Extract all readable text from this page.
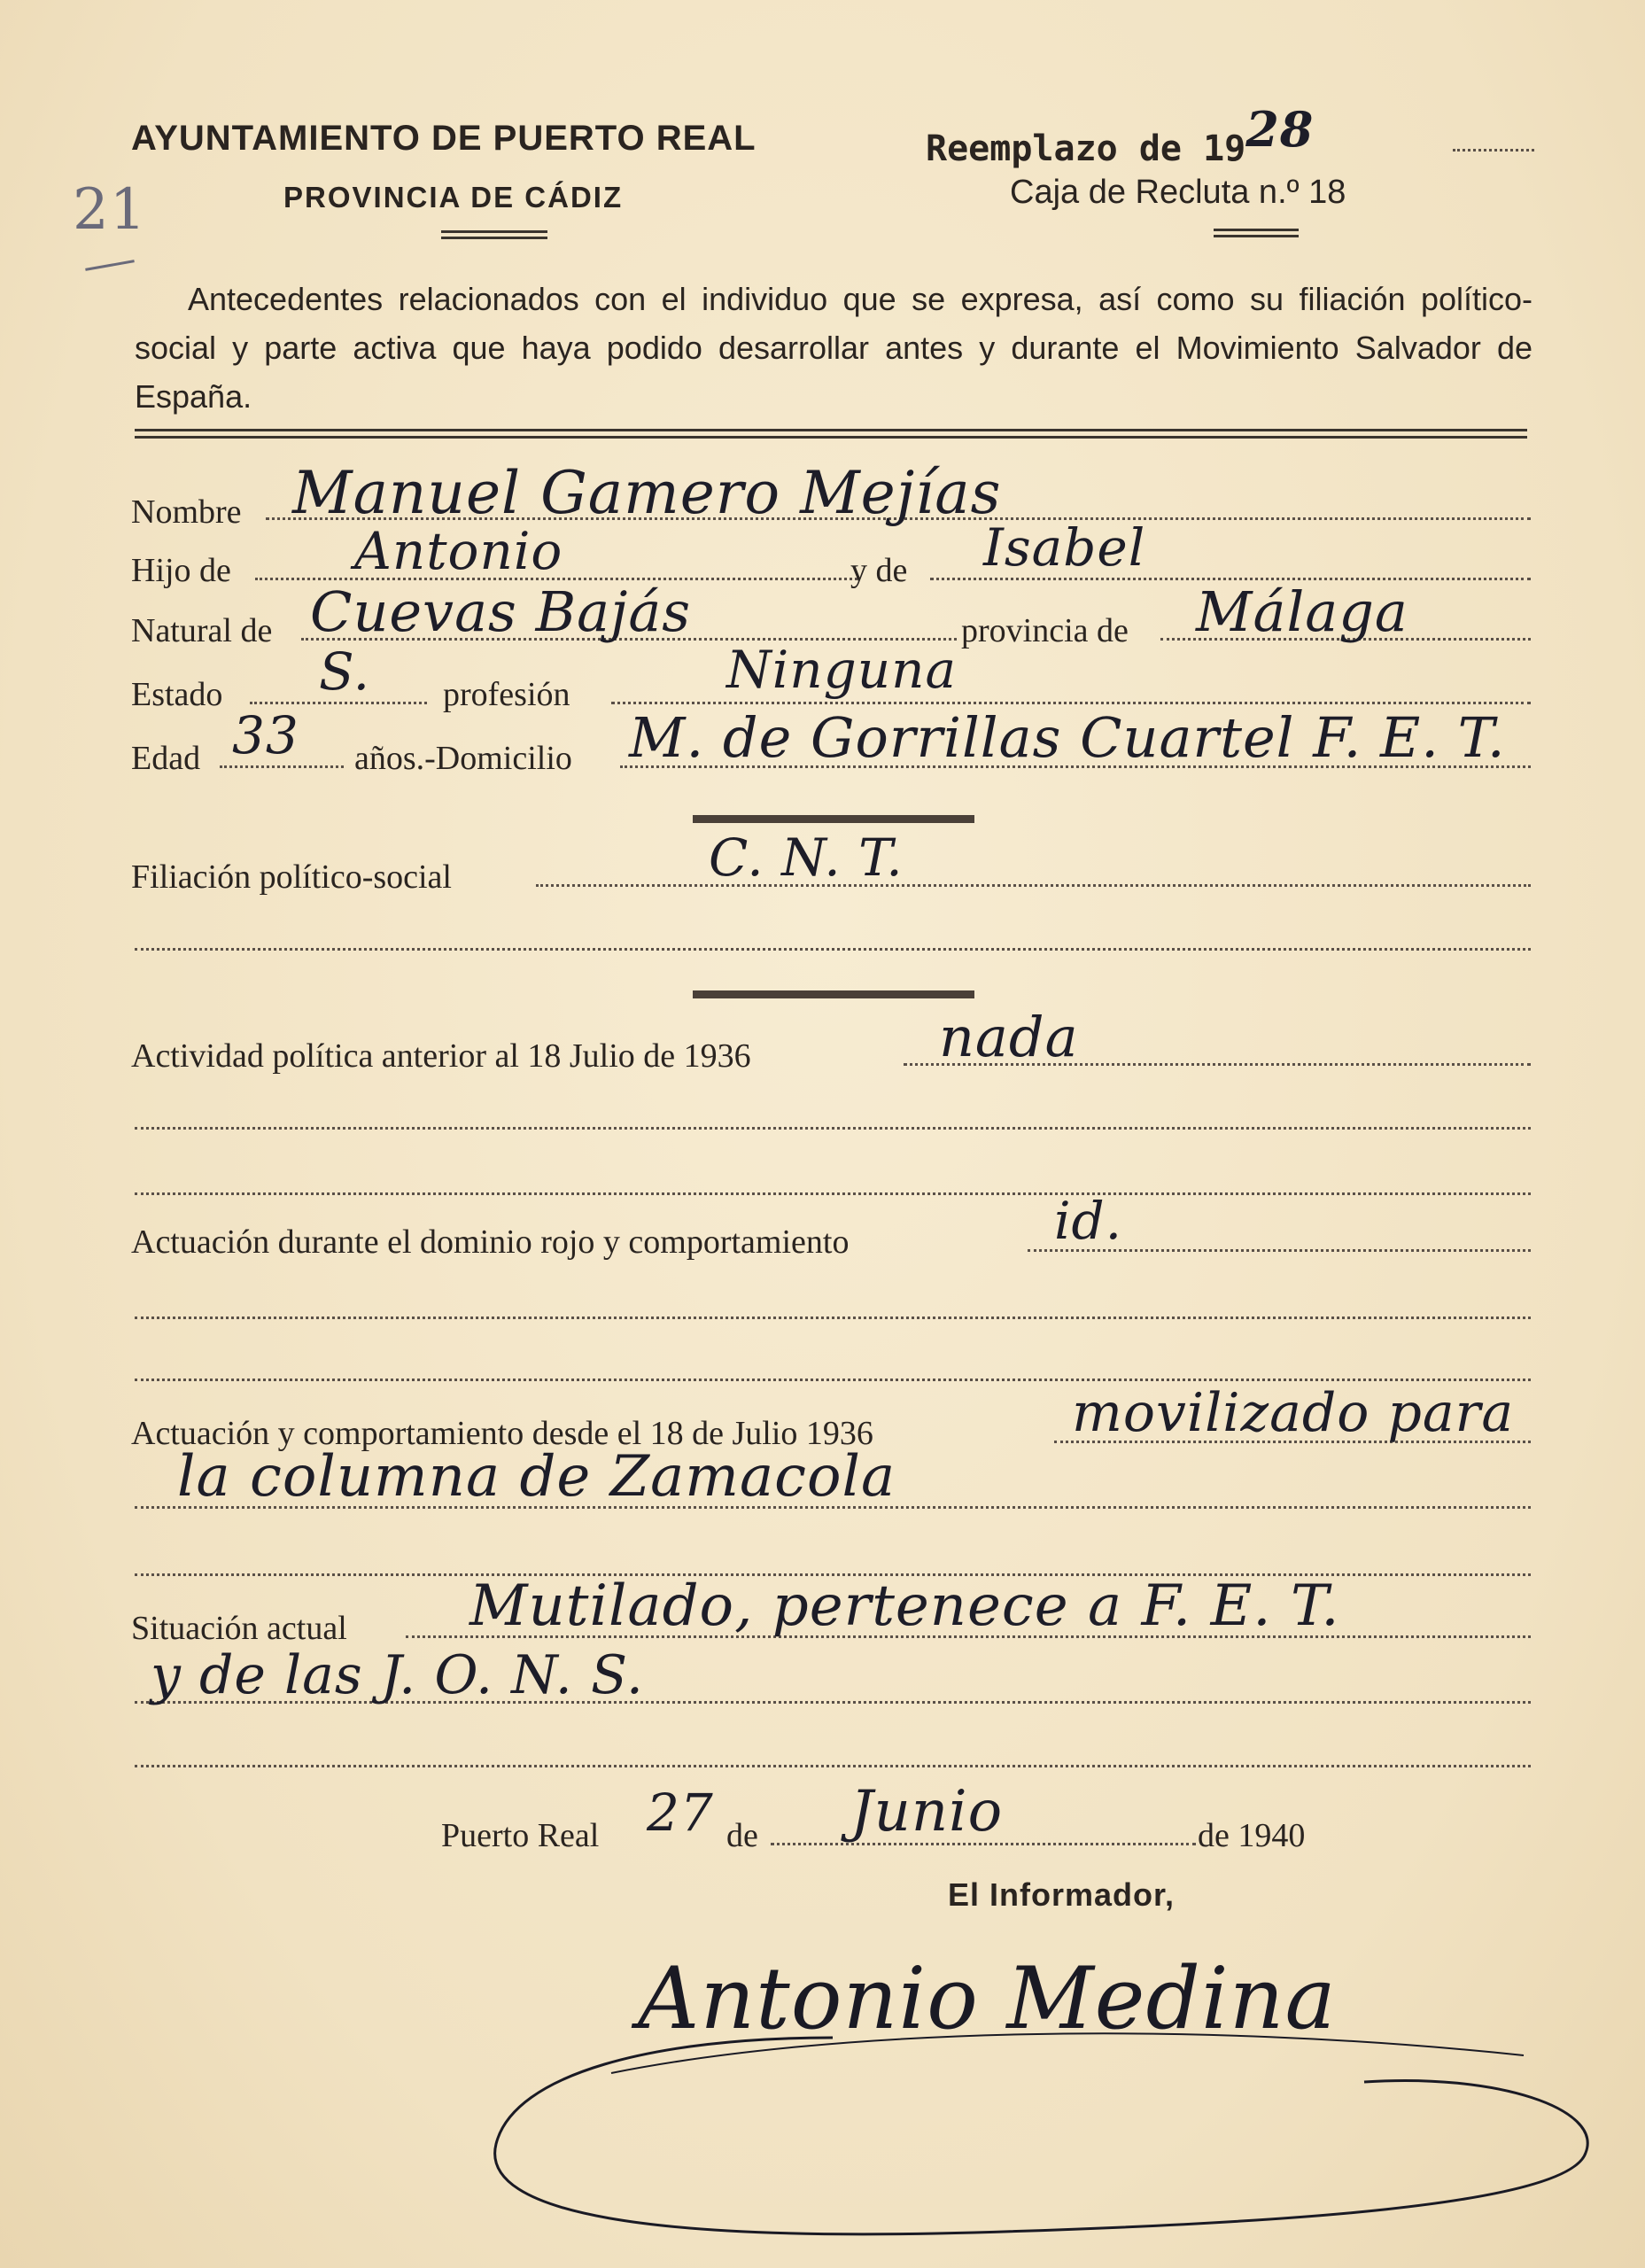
21
AYUNTAMIENTO DE PUERTO REAL
PROVINCIA DE CÁDIZ
Reemplazo de 1928
Caja de Recluta n.º 18
Antecedentes relacionados con el individuo que se expresa, así como su filiación político-social y parte activa que haya podido desarrollar antes y durante el Movimiento Salvador de España.
Nombre Manuel Gamero Mejías
Hijo de Antonio	y de Isabel
Natural de Cuevas Bajás	provincia de Málaga
Estado S. profesión	Ninguna
Edad 33 años.-Domicilio M. de Gorrillas Cuartel F. E. T.
Filiación político-social	C. N. T.
Actividad política anterior al 18 Julio de 1936	nada
Actuación durante el dominio rojo y comportamiento	id.
Actuación y comportamiento desde el 18 de Julio 1936	movilizado para
la columna de Zamacola
Situación actual Mutilado, pertenece a F. E. T.
y de las J. O. N. S.
Puerto Real 27 de Junio	de 1940
El Informador,
Antonio Medina
